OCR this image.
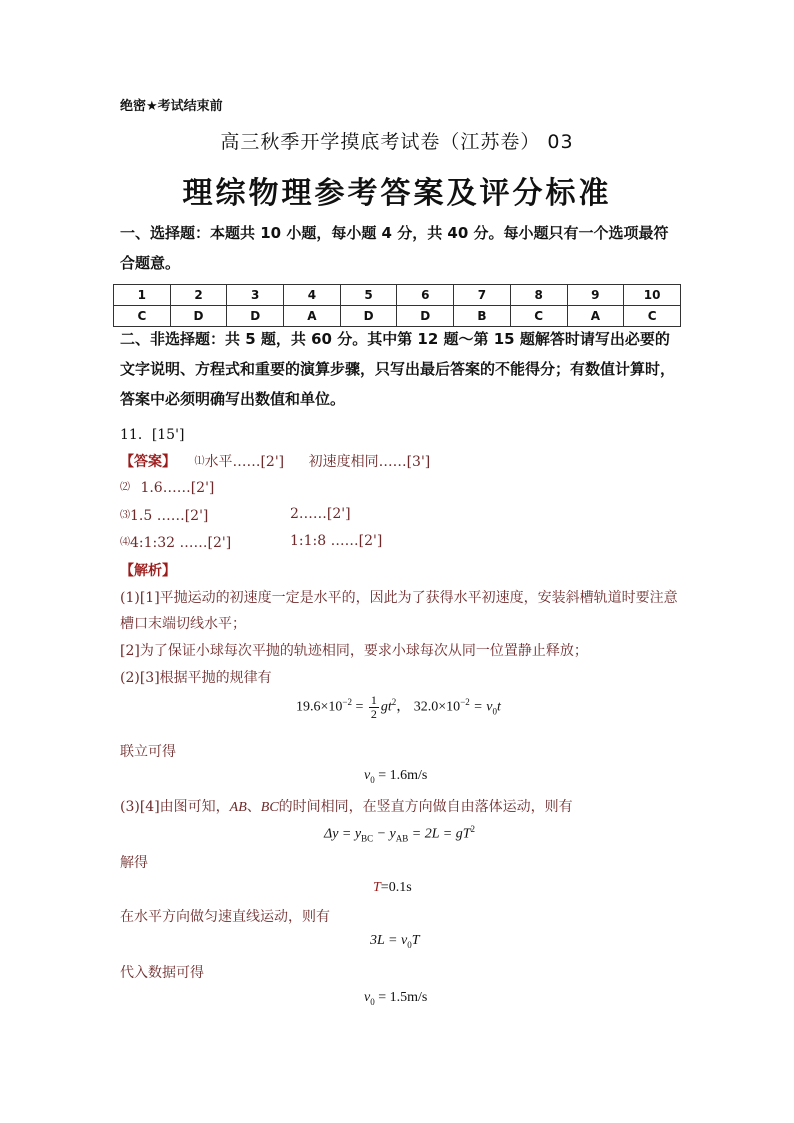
绝密★考试结束前
高三秋季开学摸底考试卷（江苏卷） 03
理综物理参考答案及评分标准
一、选择题：本题共 10 小题，每小题 4 分，共 40 分。每小题只有一个选项最符合题意。
1	2	3	4	5	6	7	8	9	10
C	D	D	A	D	D	B	C	A	C
二、非选择题：共 5 题，共 60 分。其中第 12 题～第 15 题解答时请写出必要的文字说明、方程式和重要的演算步骤，只写出最后答案的不能得分；有数值计算时，答案中必须明确写出数值和单位。
11．[15']
【答案】 ⑴水平……[2'] 初速度相同……[3']
⑵ 1.6……[2']
⑶1.5 ……[2']	2……[2']
⑷4:1:32 ……[2']	1:1:8 ……[2']
【解析】
(1)[1]平抛运动的初速度一定是水平的，因此为了获得水平初速度，安装斜槽轨道时要注意
槽口末端切线水平；
[2]为了保证小球每次平抛的轨迹相同，要求小球每次从同一位置静止释放；
(2)[3]根据平抛的规律有
$19.6\times 10^{-2} = \frac{1}{2} gt^2$， $32.0\times 10^{-2} = v_0t$
联立可得
$v_0 = 1.6m/s$
(3)[4]由图可知，AB、BC的时间相同，在竖直方向做自由落体运动，则有
$\Delta y = y_{BC} - y_{AB} = 2L = gT^2$
解得
T=0.1s
在水平方向做匀速直线运动，则有
$3L = v_0T$
代入数据可得
$v_0 = 1.5m/s$
